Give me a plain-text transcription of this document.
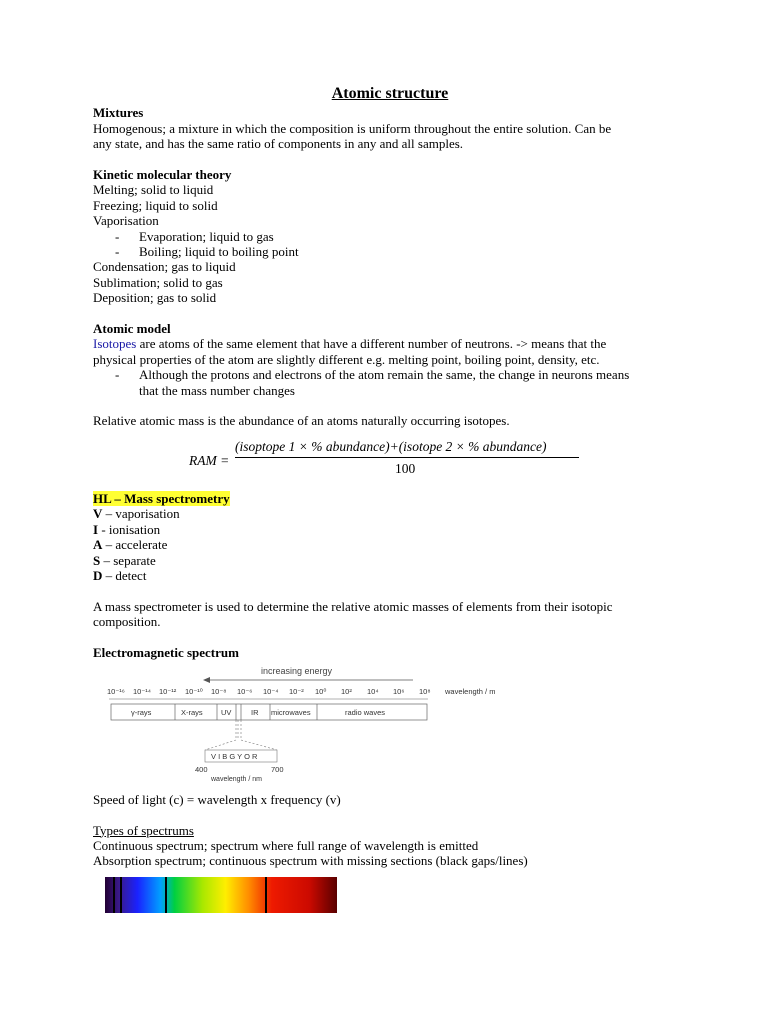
Atomic structure
Mixtures
Homogenous; a mixture in which the composition is uniform throughout the entire solution. Can be
any state, and has the same ratio of components in any and all samples.
Kinetic molecular theory
Melting; solid to liquid
Freezing; liquid to solid
Vaporisation
- Evaporation; liquid to gas
- Boiling; liquid to boiling point
Condensation; gas to liquid
Sublimation; solid to gas
Deposition; gas to solid
Atomic model
Isotopes are atoms of the same element that have a different number of neutrons. -> means that the
physical properties of the atom are slightly different e.g. melting point, boiling point, density, etc.
- Although the protons and electrons of the atom remain the same, the change in neurons means
that the mass number changes
Relative atomic mass is the abundance of an atoms naturally occurring isotopes.
RAM =
(isoptope 1 × % abundance)+(isotope 2 × % abundance)
100
HL – Mass spectrometry
V – vaporisation
I - ionisation
A – accelerate
S – separate
D – detect
A mass spectrometer is used to determine the relative atomic masses of elements from their isotopic
composition.
Electromagnetic spectrum
increasing energy
10⁻¹⁶ 10⁻¹⁴ 10⁻¹² 10⁻¹⁰ 10⁻⁸ 10⁻⁶ 10⁻⁴ 10⁻² 10⁰ 10² 10⁴ 10⁶ 10⁸ wavelength / m
γ-rays	X-rays UV	IR microwaves	radio waves
V I B G Y O R
400	700
wavelength / nm
Speed of light (c) = wavelength x frequency (v)
Types of spectrums
Continuous spectrum; spectrum where full range of wavelength is emitted
Absorption spectrum; continuous spectrum with missing sections (black gaps/lines)
